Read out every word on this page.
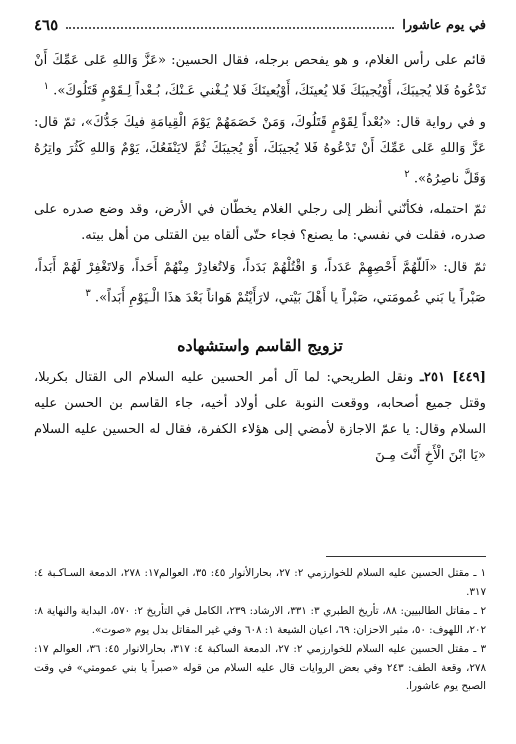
٤٦٥	في يوم عاشورا

قائم على رأس الغلام، و هو يفحص برجله، فقال الحسين: «عَزَّ وَاللهِ عَلى عَمِّكَ أَنْ تَدْعُوهُ فَلا يُجيبَكَ، أَوْيُجيبَكَ فَلا يُعينَكَ، أَوْيُعينَكَ فَلا يُـغْني عَـنْكَ، بُـعْداً لِـقَوْمٍ قَتَلُوكَ». $^١$

و في رواية قال: «بُعْداً لِقَوْمٍ قَتَلُوكَ، وَمَنْ خَصَمَهُمْ يَوْمَ الْقِيامَةِ فيكَ جَدُّكَ»، ثمّ قال: عَزَّ وَاللهِ عَلى عَمِّكَ أَنْ تَدْعُوهُ فَلا يُجيبَكَ، أَوْ يُجيبَكَ ثُمَّ لايَنْفَعُكَ، يَوْمٌ وَاللهِ كَثُرَ واتِرُهُ وَقَلَّ ناصِرُهُ». $^٢$

ثمّ احتمله، فكأنّني أنظر إلى رجلي الغلام يخطّان في الأرض، وقد وضع صدره على صدره، فقلت في نفسي: ما يصنع؟ فجاء حتّى ألقاه بين القتلى من أهل بيته.

ثمّ قال: «اَللّهُمَّ أَحْصِهِمْ عَدَداً، وَ اقْتُلْهُمْ بَدَداً، وَلاتُغادِرْ مِنْهُمْ أَحَداً، وَلاتَغْفِرْ لَهُمْ أَبَداً، صَبْراً يا بَني عُمومَتي، صَبْراً يا أَهْلَ بَيْتي، لارَأَيْتُمْ هَواناً بَعْدَ هذَا الْـيَوْمِ أَبَداً». $^٣$

تزويج القاسم واستشهاده

[٤٤٩] ٢٥١ـ ونقل الطريحي: لما آل أمر الحسين عليه السلام الى القتال بكربلا، وقتل جميع أصحابه، ووقعت النوبة على أولاد أخيه، جاء القاسم بن الحسن عليه السلام وقال: يا عمّ الاجازة لأمضي إلى هؤلاء الكفرة، فقال له الحسين عليه السلام «يَا ابْنَ الْأَخِ أَنْتَ مِـنَ

١ ـ مقتل الحسين عليه السلام للخوارزمي ٢: ٢٧، بحارالأنوار ٤٥: ٣٥، العوالم١٧: ٢٧٨، الدمعة السـاكـبة ٤: ٣١٧.

٢ ـ مقاتل الطالبيين: ٨٨، تأريخ الطبري ٣: ٣٣١، الارشاد: ٢٣٩، الكامل في التأريخ ٢: ٥٧٠، البداية والنهاية ٨: ٢٠٢، اللهوف: ٥٠، مثير الاحزان: ٦٩، اعيان الشيعة ١: ٦٠٨ وفي غير المقاتل بدل يوم «صوت».

٣ ـ مقتل الحسين عليه السلام للخوارزمي ٢: ٢٧، الدمعة الساكبة ٤: ٣١٧، بحارالانوار ٤٥: ٣٦، العوالم ١٧: ٢٧٨، وقعة الطف: ٢٤٣ وفي بعض الروايات قال عليه السلام من قوله «صبراً يا بني عمومتي» في وقت الصبح يوم عاشورا.
